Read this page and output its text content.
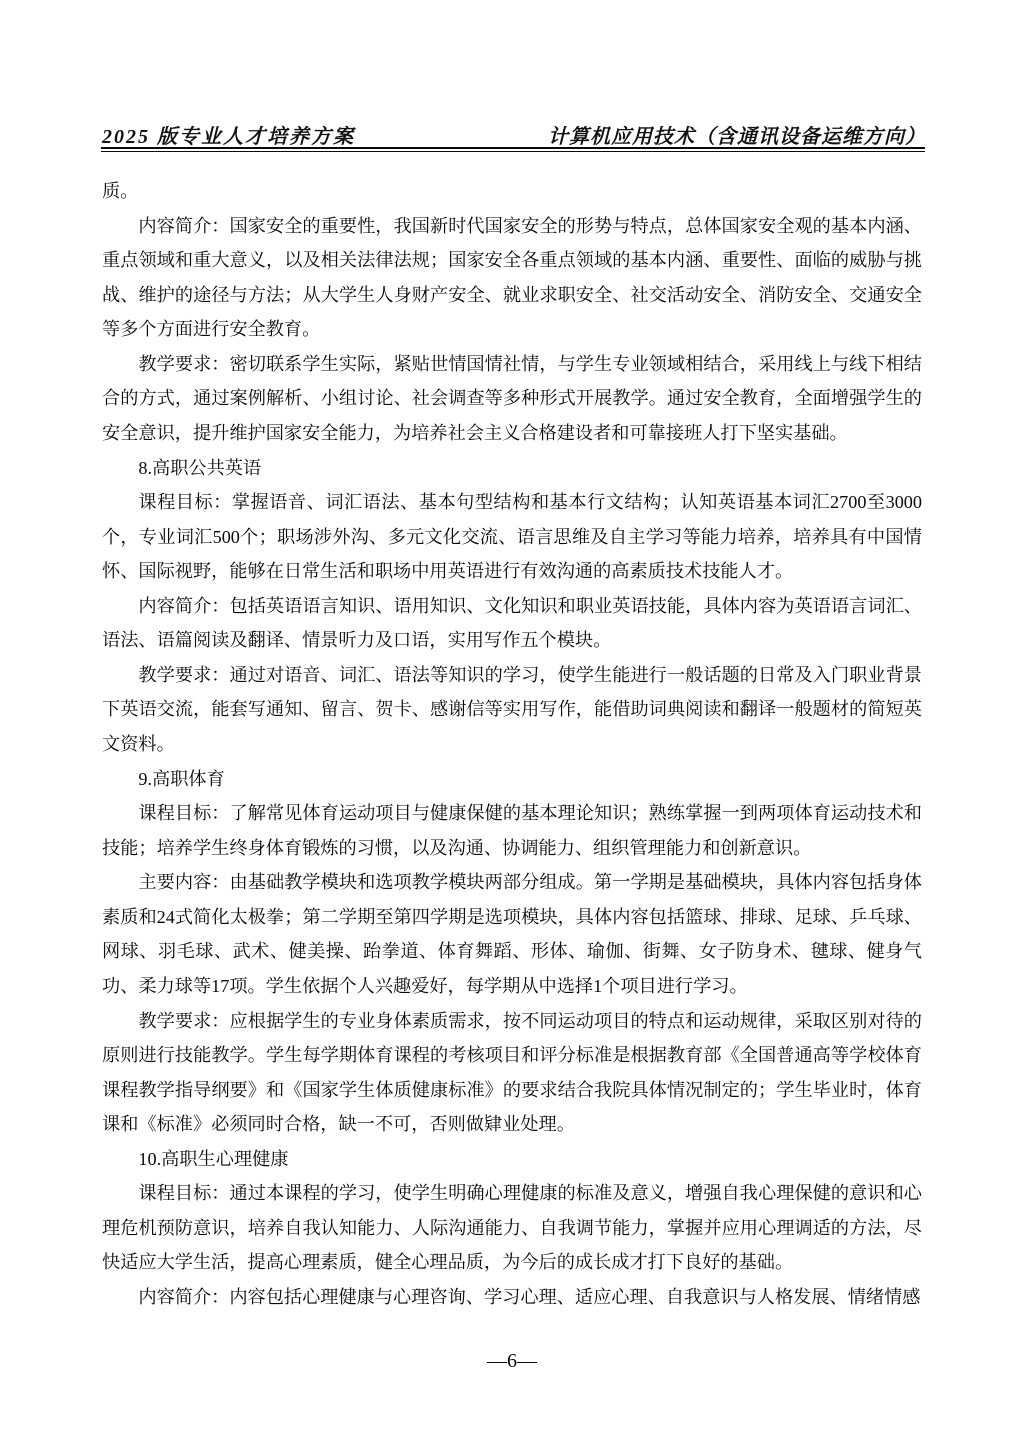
2025 版专业人才培养方案	计算机应用技术（含通讯设备运维方向）

质。

内容简介：国家安全的重要性，我国新时代国家安全的形势与特点，总体国家安全观的基本内涵、重点领域和重大意义，以及相关法律法规；国家安全各重点领域的基本内涵、重要性、面临的威胁与挑战、维护的途径与方法；从大学生人身财产安全、就业求职安全、社交活动安全、消防安全、交通安全等多个方面进行安全教育。

教学要求：密切联系学生实际，紧贴世情国情社情，与学生专业领域相结合，采用线上与线下相结合的方式，通过案例解析、小组讨论、社会调查等多种形式开展教学。通过安全教育，全面增强学生的安全意识，提升维护国家安全能力，为培养社会主义合格建设者和可靠接班人打下坚实基础。

8.高职公共英语

课程目标：掌握语音、词汇语法、基本句型结构和基本行文结构；认知英语基本词汇2700至3000个，专业词汇500个；职场涉外沟、多元文化交流、语言思维及自主学习等能力培养，培养具有中国情怀、国际视野，能够在日常生活和职场中用英语进行有效沟通的高素质技术技能人才。

内容简介：包括英语语言知识、语用知识、文化知识和职业英语技能，具体内容为英语语言词汇、语法、语篇阅读及翻译、情景听力及口语，实用写作五个模块。

教学要求：通过对语音、词汇、语法等知识的学习，使学生能进行一般话题的日常及入门职业背景下英语交流，能套写通知、留言、贺卡、感谢信等实用写作，能借助词典阅读和翻译一般题材的简短英文资料。

9.高职体育

课程目标：了解常见体育运动项目与健康保健的基本理论知识；熟练掌握一到两项体育运动技术和技能；培养学生终身体育锻炼的习惯，以及沟通、协调能力、组织管理能力和创新意识。

主要内容：由基础教学模块和选项教学模块两部分组成。第一学期是基础模块，具体内容包括身体素质和24式简化太极拳；第二学期至第四学期是选项模块，具体内容包括篮球、排球、足球、乒乓球、网球、羽毛球、武术、健美操、跆拳道、体育舞蹈、形体、瑜伽、街舞、女子防身术、毽球、健身气功、柔力球等17项。学生依据个人兴趣爱好，每学期从中选择1个项目进行学习。

教学要求：应根据学生的专业身体素质需求，按不同运动项目的特点和运动规律，采取区别对待的原则进行技能教学。学生每学期体育课程的考核项目和评分标准是根据教育部《全国普通高等学校体育课程教学指导纲要》和《国家学生体质健康标准》的要求结合我院具体情况制定的；学生毕业时，体育课和《标准》必须同时合格，缺一不可，否则做肄业处理。

10.高职生心理健康

课程目标：通过本课程的学习，使学生明确心理健康的标准及意义，增强自我心理保健的意识和心理危机预防意识，培养自我认知能力、人际沟通能力、自我调节能力，掌握并应用心理调适的方法，尽快适应大学生活，提高心理素质，健全心理品质，为今后的成长成才打下良好的基础。

内容简介：内容包括心理健康与心理咨询、学习心理、适应心理、自我意识与人格发展、情绪情感

—6—
